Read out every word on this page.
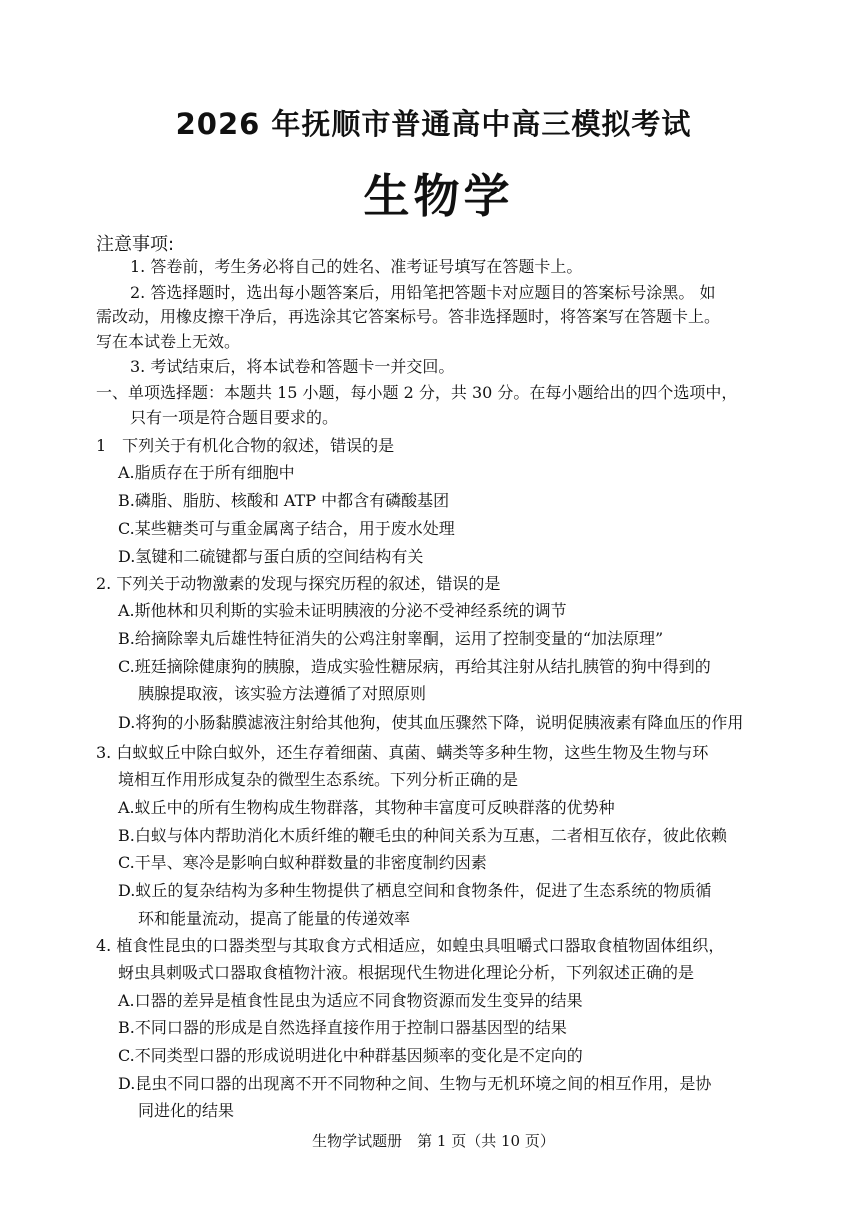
2026 年抚顺市普通高中高三模拟考试
生物学
注意事项:
1. 答卷前，考生务必将自己的姓名、准考证号填写在答题卡上。
2. 答选择题时，选出每小题答案后，用铅笔把答题卡对应题目的答案标号涂黑。 如
需改动，用橡皮擦干净后，再选涂其它答案标号。答非选择题时，将答案写在答题卡上。
写在本试卷上无效。
3. 考试结束后，将本试卷和答题卡一并交回。
一、单项选择题：本题共 15 小题，每小题 2 分，共 30 分。在每小题给出的四个选项中，
只有一项是符合题目要求的。
1　下列关于有机化合物的叙述，错误的是
A.脂质存在于所有细胞中
B.磷脂、脂肪、核酸和 ATP 中都含有磷酸基团
C.某些糖类可与重金属离子结合，用于废水处理
D.氢键和二硫键都与蛋白质的空间结构有关
2. 下列关于动物激素的发现与探究历程的叙述，错误的是
A.斯他林和贝利斯的实验未证明胰液的分泌不受神经系统的调节
B.给摘除睾丸后雄性特征消失的公鸡注射睾酮，运用了控制变量的“加法原理”
C.班廷摘除健康狗的胰腺，造成实验性糖尿病，再给其注射从结扎胰管的狗中得到的
胰腺提取液，该实验方法遵循了对照原则
D.将狗的小肠黏膜滤液注射给其他狗，使其血压骤然下降，说明促胰液素有降血压的作用
3. 白蚁蚁丘中除白蚁外，还生存着细菌、真菌、螨类等多种生物，这些生物及生物与环
境相互作用形成复杂的微型生态系统。下列分析正确的是
A.蚁丘中的所有生物构成生物群落，其物种丰富度可反映群落的优势种
B.白蚁与体内帮助消化木质纤维的鞭毛虫的种间关系为互惠，二者相互依存，彼此依赖
C.干旱、寒冷是影响白蚁种群数量的非密度制约因素
D.蚁丘的复杂结构为多种生物提供了栖息空间和食物条件，促进了生态系统的物质循
环和能量流动，提高了能量的传递效率
4. 植食性昆虫的口器类型与其取食方式相适应，如蝗虫具咀嚼式口器取食植物固体组织，
蚜虫具刺吸式口器取食植物汁液。根据现代生物进化理论分析，下列叙述正确的是
A.口器的差异是植食性昆虫为适应不同食物资源而发生变异的结果
B.不同口器的形成是自然选择直接作用于控制口器基因型的结果
C.不同类型口器的形成说明进化中种群基因频率的变化是不定向的
D.昆虫不同口器的出现离不开不同物种之间、生物与无机环境之间的相互作用，是协
同进化的结果
生物学试题册　第 1 页（共 10 页）
